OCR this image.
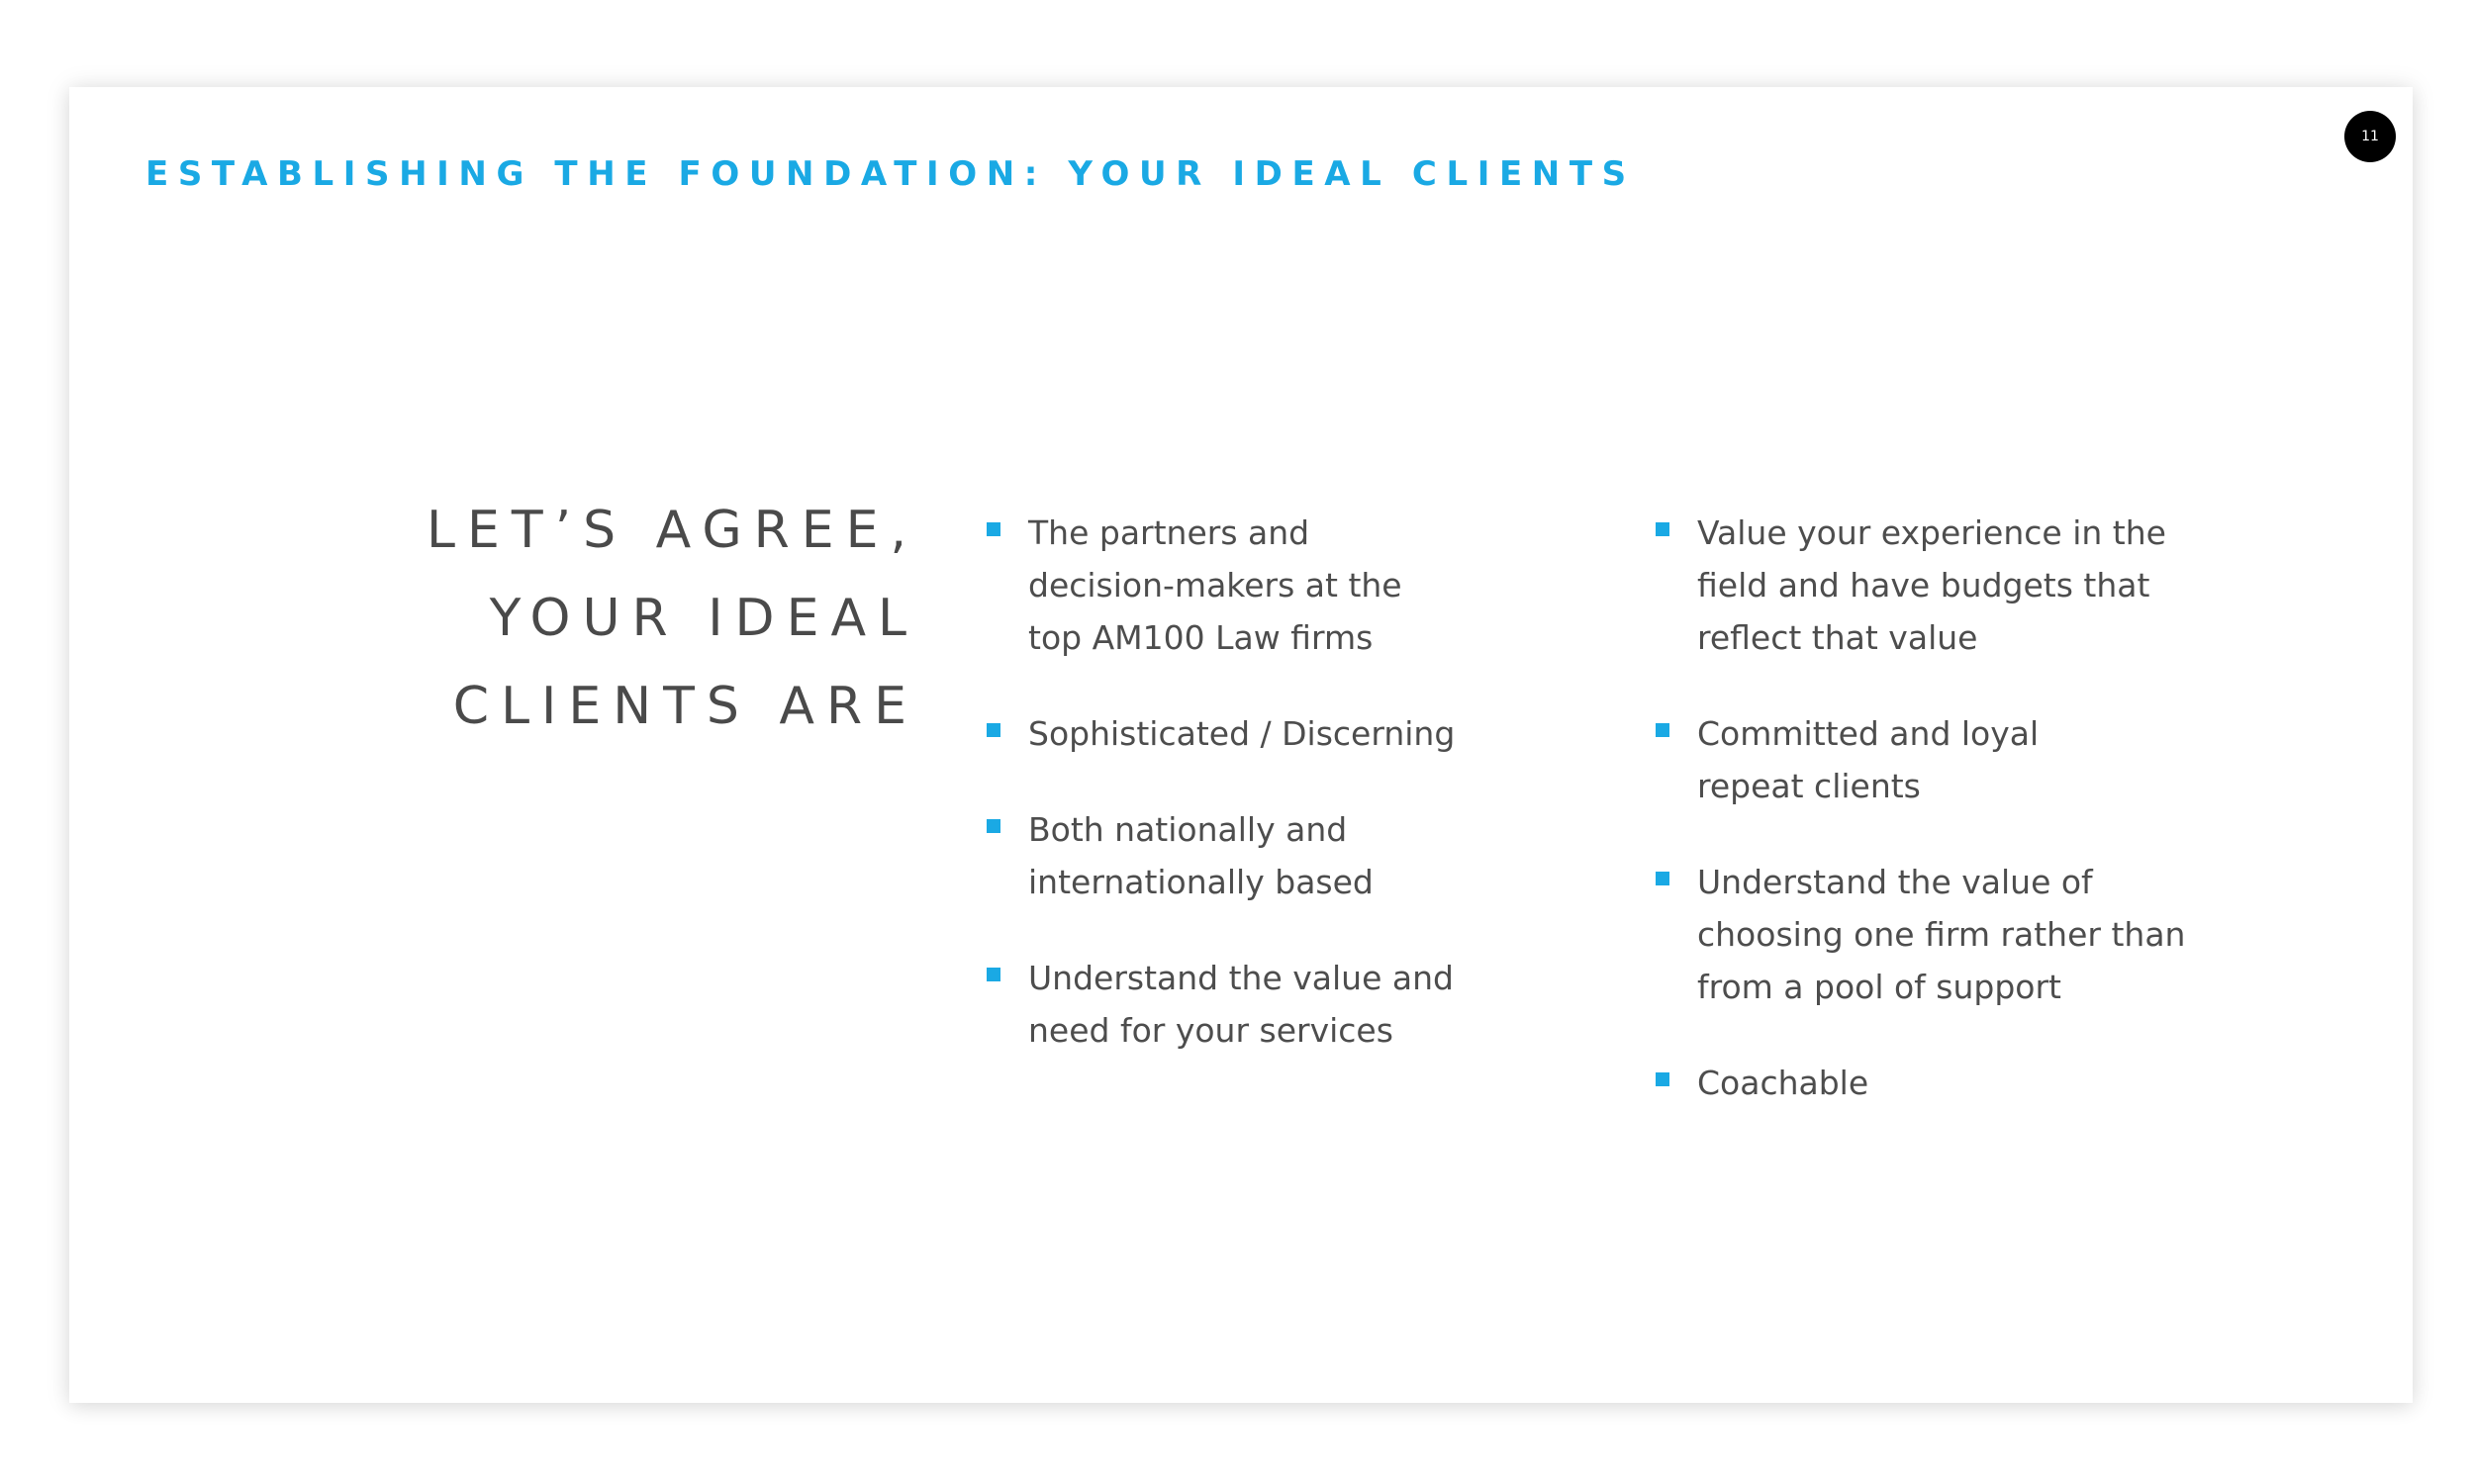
ESTABLISHING THE FOUNDATION: YOUR IDEAL CLIENTS
11
LET’S AGREE,
YOUR IDEAL
CLIENTS ARE
The partners and
decision-makers at the
top AM100 Law firms
Sophisticated / Discerning
Both nationally and
internationally based
Understand the value and
need for your services
Value your experience in the
field and have budgets that
reflect that value
Committed and loyal
repeat clients
Understand the value of
choosing one firm rather than
from a pool of support
Coachable
